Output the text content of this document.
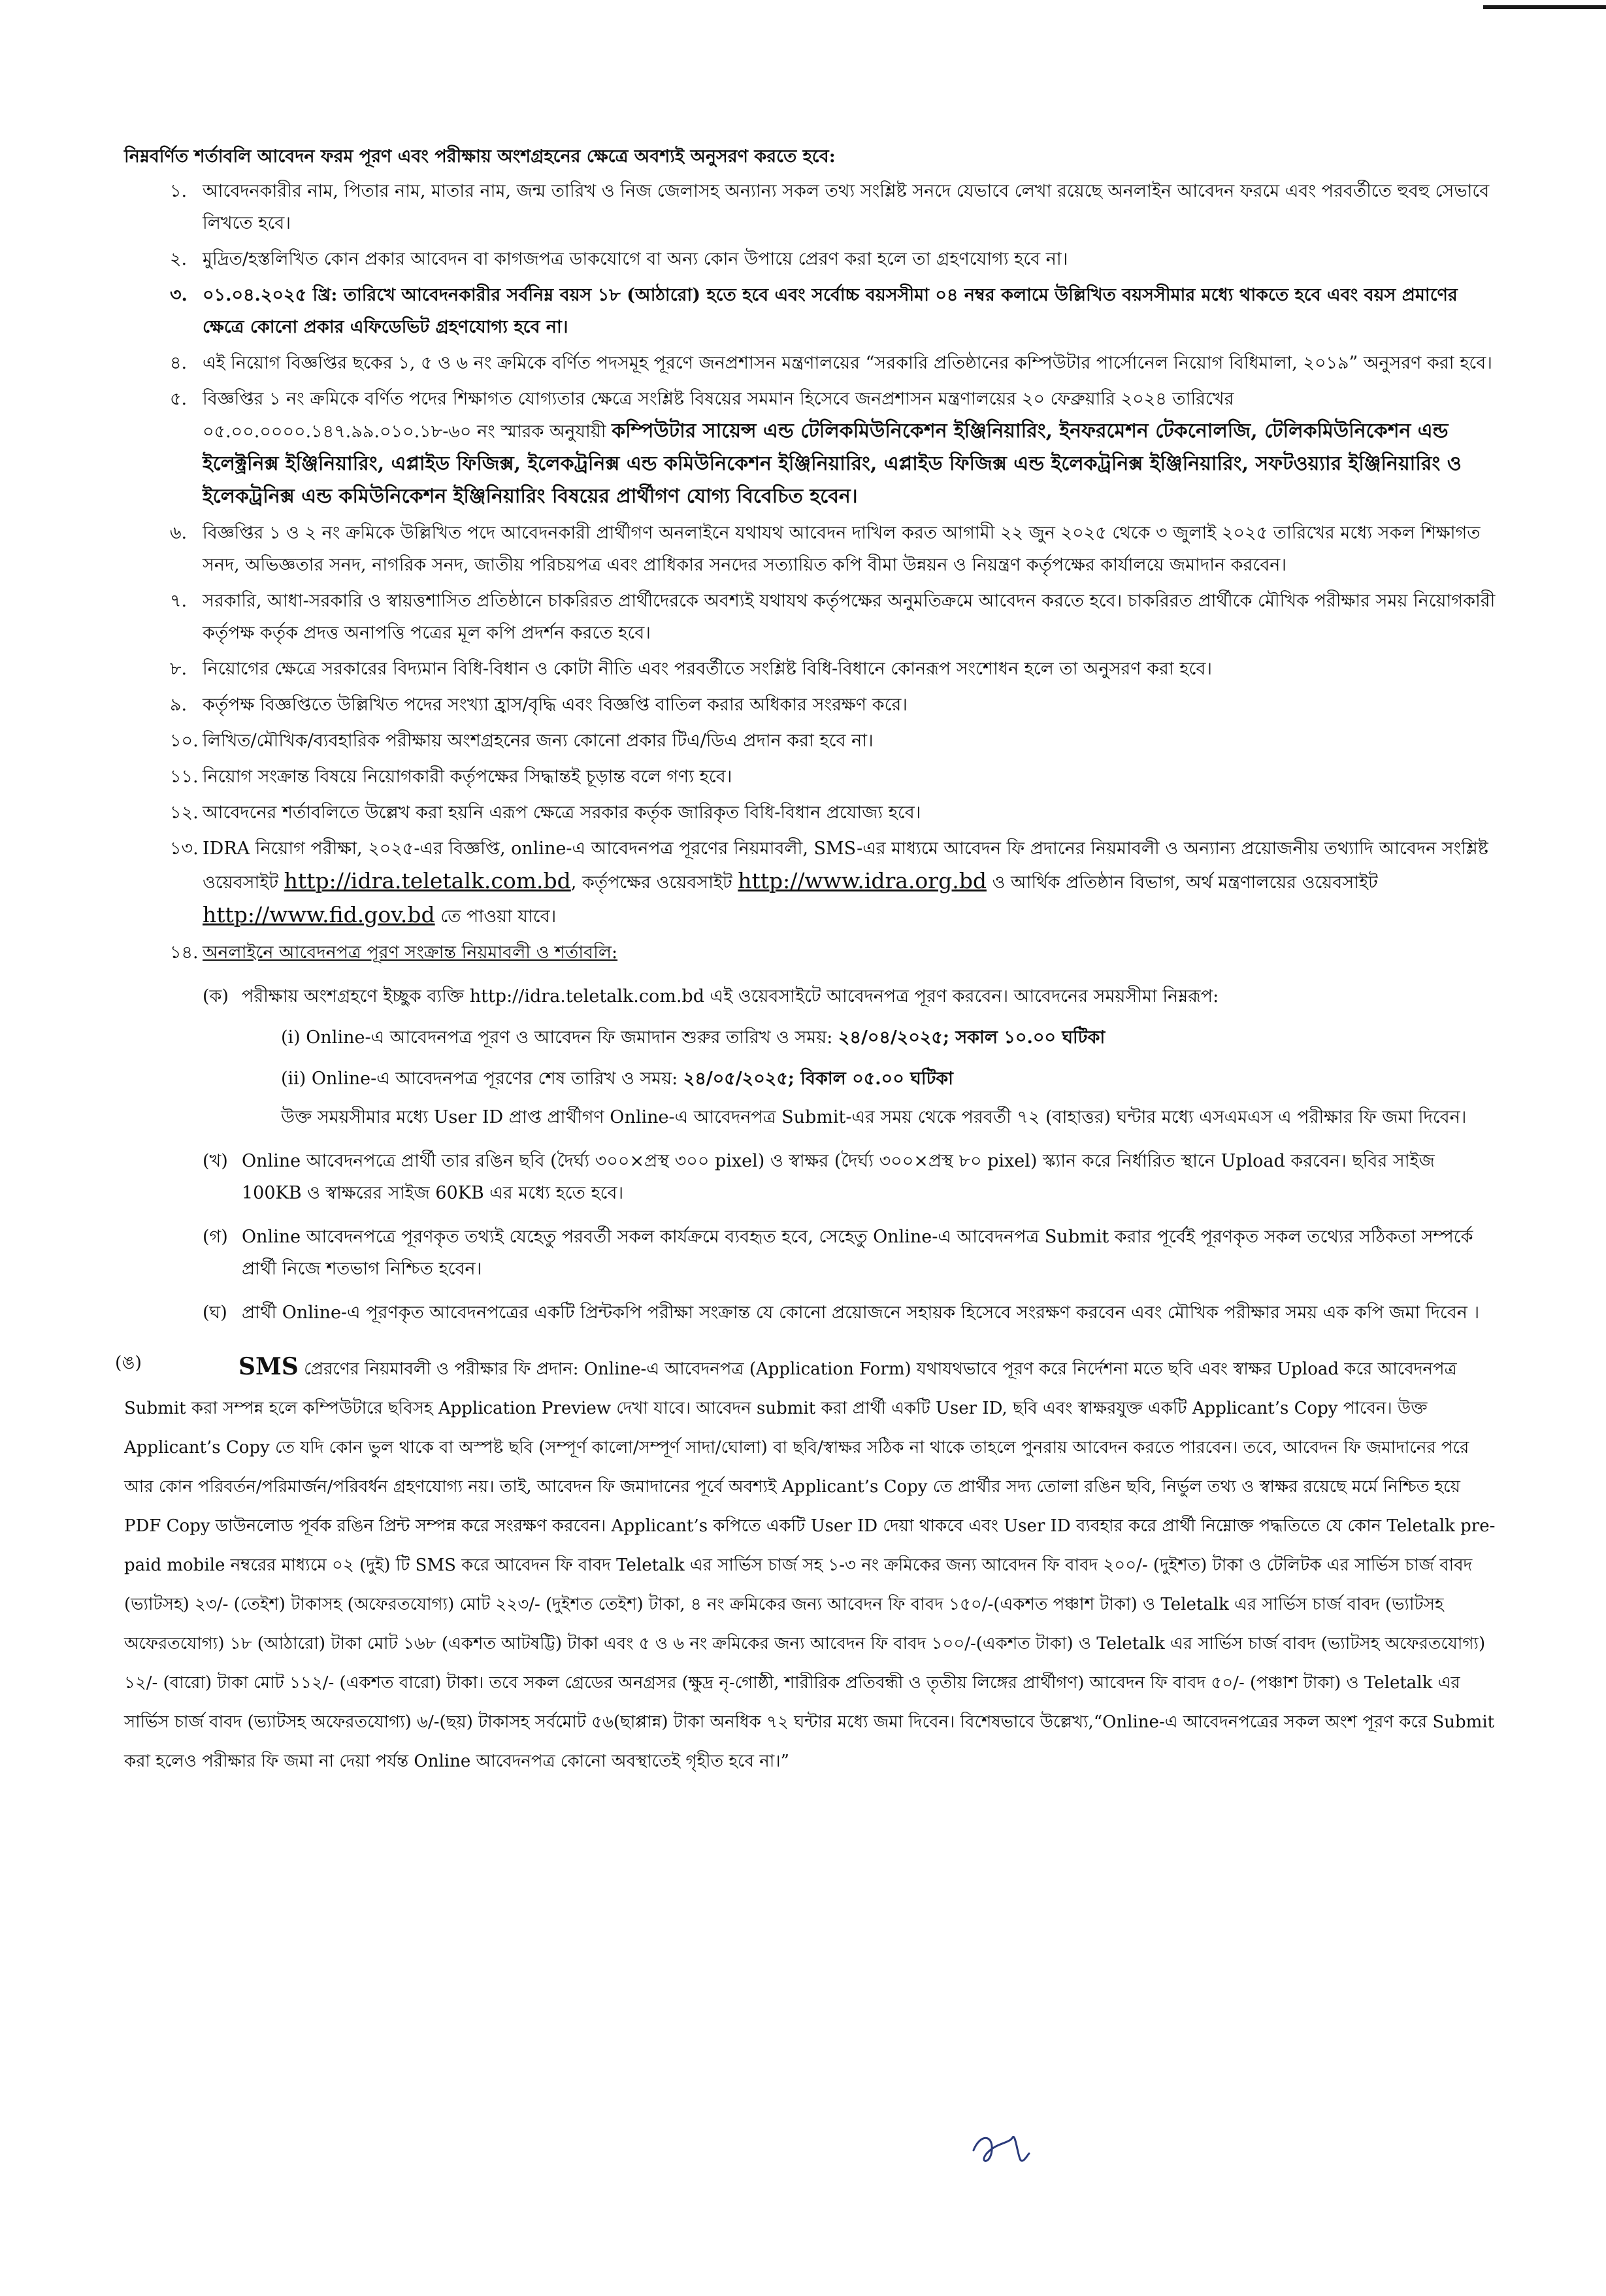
নিম্নবর্ণিত শর্তাবলি আবেদন ফরম পূরণ এবং পরীক্ষায় অংশগ্রহনের ক্ষেত্রে অবশ্যই অনুসরণ করতে হবে:
১. আবেদনকারীর নাম, পিতার নাম, মাতার নাম, জন্ম তারিখ ও নিজ জেলাসহ অন্যান্য সকল তথ্য সংশ্লিষ্ট সনদে যেভাবে লেখা রয়েছে অনলাইন আবেদন ফরমে এবং পরবর্তীতে হুবহু সেভাবে লিখতে হবে।
২. মুদ্রিত/হস্তলিখিত কোন প্রকার আবেদন বা কাগজপত্র ডাকযোগে বা অন্য কোন উপায়ে প্রেরণ করা হলে তা গ্রহণযোগ্য হবে না।
৩. ০১.০৪.২০২৫ খ্রি: তারিখে আবেদনকারীর সর্বনিম্ন বয়স ১৮ (আঠারো) হতে হবে এবং সর্বোচ্চ বয়সসীমা ০৪ নম্বর কলামে উল্লিখিত বয়সসীমার মধ্যে থাকতে হবে এবং বয়স প্রমাণের ক্ষেত্রে কোনো প্রকার এফিডেভিট গ্রহণযোগ্য হবে না।
৪. এই নিয়োগ বিজ্ঞপ্তির ছকের ১, ৫ ও ৬ নং ক্রমিকে বর্ণিত পদসমূহ পূরণে জনপ্রশাসন মন্ত্রণালয়ের “সরকারি প্রতিষ্ঠানের কম্পিউটার পার্সোনেল নিয়োগ বিধিমালা, ২০১৯” অনুসরণ করা হবে।
৫. বিজ্ঞপ্তির ১ নং ক্রমিকে বর্ণিত পদের শিক্ষাগত যোগ্যতার ক্ষেত্রে সংশ্লিষ্ট বিষয়ের সমমান হিসেবে জনপ্রশাসন মন্ত্রণালয়ের ২০ ফেব্রুয়ারি ২০২৪ তারিখের ০৫.০০.০০০০.১৪৭.৯৯.০১০.১৮-৬০ নং স্মারক অনুযায়ী কম্পিউটার সায়েন্স এন্ড টেলিকমিউনিকেশন ইঞ্জিনিয়ারিং, ইনফরমেশন টেকনোলজি, টেলিকমিউনিকেশন এন্ড ইলেক্ট্রনিক্স ইঞ্জিনিয়ারিং, এপ্লাইড ফিজিক্স, ইলেকট্রনিক্স এন্ড কমিউনিকেশন ইঞ্জিনিয়ারিং, এপ্লাইড ফিজিক্স এন্ড ইলেকট্রনিক্স ইঞ্জিনিয়ারিং, সফটওয়্যার ইঞ্জিনিয়ারিং ও ইলেকট্রনিক্স এন্ড কমিউনিকেশন ইঞ্জিনিয়ারিং বিষয়ের প্রার্থীগণ যোগ্য বিবেচিত হবেন।
৬. বিজ্ঞপ্তির ১ ও ২ নং ক্রমিকে উল্লিখিত পদে আবেদনকারী প্রার্থীগণ অনলাইনে যথাযথ আবেদন দাখিল করত আগামী ২২ জুন ২০২৫ থেকে ৩ জুলাই ২০২৫ তারিখের মধ্যে সকল শিক্ষাগত সনদ, অভিজ্ঞতার সনদ, নাগরিক সনদ, জাতীয় পরিচয়পত্র এবং প্রাধিকার সনদের সত্যায়িত কপি বীমা উন্নয়ন ও নিয়ন্ত্রণ কর্তৃপক্ষের কার্যালয়ে জমাদান করবেন।
৭. সরকারি, আধা-সরকারি ও স্বায়ত্তশাসিত প্রতিষ্ঠানে চাকরিরত প্রার্থীদেরকে অবশ্যই যথাযথ কর্তৃপক্ষের অনুমতিক্রমে আবেদন করতে হবে। চাকরিরত প্রার্থীকে মৌখিক পরীক্ষার সময় নিয়োগকারী কর্তৃপক্ষ কর্তৃক প্রদত্ত অনাপত্তি পত্রের মূল কপি প্রদর্শন করতে হবে।
৮. নিয়োগের ক্ষেত্রে সরকারের বিদ্যমান বিধি-বিধান ও কোটা নীতি এবং পরবর্তীতে সংশ্লিষ্ট বিধি-বিধানে কোনরূপ সংশোধন হলে তা অনুসরণ করা হবে।
৯. কর্তৃপক্ষ বিজ্ঞপ্তিতে উল্লিখিত পদের সংখ্যা হ্রাস/বৃদ্ধি এবং বিজ্ঞপ্তি বাতিল করার অধিকার সংরক্ষণ করে।
১০. লিখিত/মৌখিক/ব্যবহারিক পরীক্ষায় অংশগ্রহনের জন্য কোনো প্রকার টিএ/ডিএ প্রদান করা হবে না।
১১. নিয়োগ সংক্রান্ত বিষয়ে নিয়োগকারী কর্তৃপক্ষের সিদ্ধান্তই চূড়ান্ত বলে গণ্য হবে।
১২. আবেদনের শর্তাবলিতে উল্লেখ করা হয়নি এরূপ ক্ষেত্রে সরকার কর্তৃক জারিকৃত বিধি-বিধান প্রযোজ্য হবে।
১৩. IDRA নিয়োগ পরীক্ষা, ২০২৫-এর বিজ্ঞপ্তি, online-এ আবেদনপত্র পূরণের নিয়মাবলী, SMS-এর মাধ্যমে আবেদন ফি প্রদানের নিয়মাবলী ও অন্যান্য প্রয়োজনীয় তথ্যাদি আবেদন সংশ্লিষ্ট ওয়েবসাইট http://idra.teletalk.com.bd, কর্তৃপক্ষের ওয়েবসাইট http://www.idra.org.bd ও আর্থিক প্রতিষ্ঠান বিভাগ, অর্থ মন্ত্রণালয়ের ওয়েবসাইট http://www.fid.gov.bd তে পাওয়া যাবে।
১৪. অনলাইনে আবেদনপত্র পূরণ সংক্রান্ত নিয়মাবলী ও শর্তাবলি:
(ক) পরীক্ষায় অংশগ্রহণে ইচ্ছুক ব্যক্তি http://idra.teletalk.com.bd এই ওয়েবসাইটে আবেদনপত্র পূরণ করবেন। আবেদনের সময়সীমা নিম্নরূপ:
(i) Online-এ আবেদনপত্র পূরণ ও আবেদন ফি জমাদান শুরুর তারিখ ও সময়: ২৪/০৪/২০২৫; সকাল ১০.০০ ঘটিকা
(ii) Online-এ আবেদনপত্র পূরণের শেষ তারিখ ও সময়: ২৪/০৫/২০২৫; বিকাল ০৫.০০ ঘটিকা
উক্ত সময়সীমার মধ্যে User ID প্রাপ্ত প্রার্থীগণ Online-এ আবেদনপত্র Submit-এর সময় থেকে পরবর্তী ৭২ (বাহাত্তর) ঘন্টার মধ্যে এসএমএস এ পরীক্ষার ফি জমা দিবেন।
(খ) Online আবেদনপত্রে প্রার্থী তার রঙিন ছবি (দৈর্ঘ্য ৩০০×প্রস্থ ৩০০ pixel) ও স্বাক্ষর (দৈর্ঘ্য ৩০০×প্রস্থ ৮০ pixel) স্ক্যান করে নির্ধারিত স্থানে Upload করবেন। ছবির সাইজ 100KB ও স্বাক্ষরের সাইজ 60KB এর মধ্যে হতে হবে।
(গ) Online আবেদনপত্রে পূরণকৃত তথ্যই যেহেতু পরবর্তী সকল কার্যক্রমে ব্যবহৃত হবে, সেহেতু Online-এ আবেদনপত্র Submit করার পূর্বেই পূরণকৃত সকল তথ্যের সঠিকতা সম্পর্কে প্রার্থী নিজে শতভাগ নিশ্চিত হবেন।
(ঘ) প্রার্থী Online-এ পূরণকৃত আবেদনপত্রের একটি প্রিন্টকপি পরীক্ষা সংক্রান্ত যে কোনো প্রয়োজনে সহায়ক হিসেবে সংরক্ষণ করবেন এবং মৌখিক পরীক্ষার সময় এক কপি জমা দিবেন ।
(ঙ)	SMS প্রেরণের নিয়মাবলী ও পরীক্ষার ফি প্রদান: Online-এ আবেদনপত্র (Application Form) যথাযথভাবে পূরণ করে নির্দেশনা মতে ছবি এবং স্বাক্ষর Upload করে আবেদনপত্র Submit করা সম্পন্ন হলে কম্পিউটারে ছবিসহ Application Preview দেখা যাবে। আবেদন submit করা প্রার্থী একটি User ID, ছবি এবং স্বাক্ষরযুক্ত একটি Applicant’s Copy পাবেন। উক্ত Applicant’s Copy তে যদি কোন ভুল থাকে বা অস্পষ্ট ছবি (সম্পূর্ণ কালো/সম্পূর্ণ সাদা/ঘোলা) বা ছবি/স্বাক্ষর সঠিক না থাকে তাহলে পুনরায় আবেদন করতে পারবেন। তবে, আবেদন ফি জমাদানের পরে আর কোন পরিবর্তন/পরিমার্জন/পরিবর্ধন গ্রহণযোগ্য নয়। তাই, আবেদন ফি জমাদানের পূর্বে অবশ্যই Applicant’s Copy তে প্রার্থীর সদ্য তোলা রঙিন ছবি, নির্ভুল তথ্য ও স্বাক্ষর রয়েছে মর্মে নিশ্চিত হয়ে PDF Copy ডাউনলোড পূর্বক রঙিন প্রিন্ট সম্পন্ন করে সংরক্ষণ করবেন। Applicant’s কপিতে একটি User ID দেয়া থাকবে এবং User ID ব্যবহার করে প্রার্থী নিম্নোক্ত পদ্ধতিতে যে কোন Teletalk pre-paid mobile নম্বরের মাধ্যমে ০২ (দুই) টি SMS করে আবেদন ফি বাবদ Teletalk এর সার্ভিস চার্জ সহ ১-৩ নং ক্রমিকের জন্য আবেদন ফি বাবদ ২০০/- (দুইশত) টাকা ও টেলিটক এর সার্ভিস চার্জ বাবদ (ভ্যাটসহ) ২৩/- (তেইশ) টাকাসহ (অফেরতযোগ্য) মোট ২২৩/- (দুইশত তেইশ) টাকা, ৪ নং ক্রমিকের জন্য আবেদন ফি বাবদ ১৫০/-(একশত পঞ্চাশ টাকা) ও Teletalk এর সার্ভিস চার্জ বাবদ (ভ্যাটসহ অফেরতযোগ্য) ১৮ (আঠারো) টাকা মোট ১৬৮ (একশত আটষট্টি) টাকা এবং ৫ ও ৬ নং ক্রমিকের জন্য আবেদন ফি বাবদ ১০০/-(একশত টাকা) ও Teletalk এর সার্ভিস চার্জ বাবদ (ভ্যাটসহ অফেরতযোগ্য) ১২/- (বারো) টাকা মোট ১১২/- (একশত বারো) টাকা। তবে সকল গ্রেডের অনগ্রসর (ক্ষুদ্র নৃ-গোষ্ঠী, শারীরিক প্রতিবন্ধী ও তৃতীয় লিঙ্গের প্রার্থীগণ) আবেদন ফি বাবদ ৫০/- (পঞ্চাশ টাকা) ও Teletalk এর সার্ভিস চার্জ বাবদ (ভ্যাটসহ অফেরতযোগ্য) ৬/-(ছয়) টাকাসহ সর্বমোট ৫৬(ছাপ্পান্ন) টাকা অনধিক ৭২ ঘন্টার মধ্যে জমা দিবেন। বিশেষভাবে উল্লেখ্য,“Online-এ আবেদনপত্রের সকল অংশ পূরণ করে Submit করা হলেও পরীক্ষার ফি জমা না দেয়া পর্যন্ত Online আবেদনপত্র কোনো অবস্থাতেই গৃহীত হবে না।”
